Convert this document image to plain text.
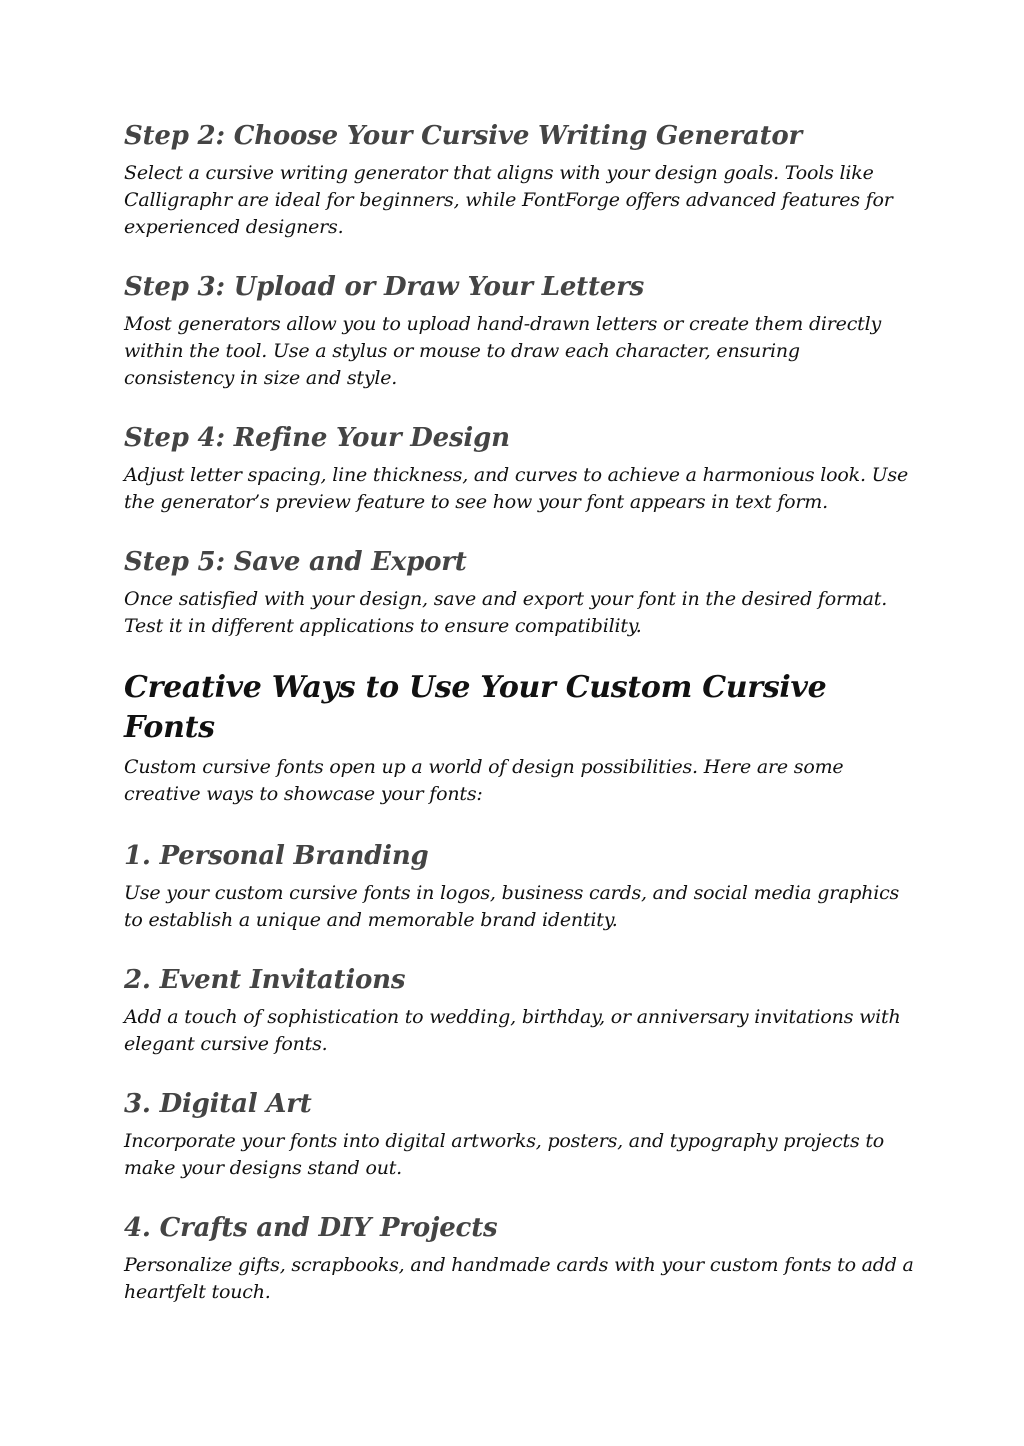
Step 2: Choose Your Cursive Writing Generator

Select a cursive writing generator that aligns with your design goals. Tools like Calligraphr are ideal for beginners, while FontForge offers advanced features for experienced designers.

Step 3: Upload or Draw Your Letters

Most generators allow you to upload hand-drawn letters or create them directly within the tool. Use a stylus or mouse to draw each character, ensuring consistency in size and style.

Step 4: Refine Your Design

Adjust letter spacing, line thickness, and curves to achieve a harmonious look. Use the generator’s preview feature to see how your font appears in text form.

Step 5: Save and Export

Once satisfied with your design, save and export your font in the desired format. Test it in different applications to ensure compatibility.

Creative Ways to Use Your Custom Cursive Fonts

Custom cursive fonts open up a world of design possibilities. Here are some creative ways to showcase your fonts:

1. Personal Branding

Use your custom cursive fonts in logos, business cards, and social media graphics to establish a unique and memorable brand identity.

2. Event Invitations

Add a touch of sophistication to wedding, birthday, or anniversary invitations with elegant cursive fonts.

3. Digital Art

Incorporate your fonts into digital artworks, posters, and typography projects to make your designs stand out.

4. Crafts and DIY Projects

Personalize gifts, scrapbooks, and handmade cards with your custom fonts to add a heartfelt touch.
